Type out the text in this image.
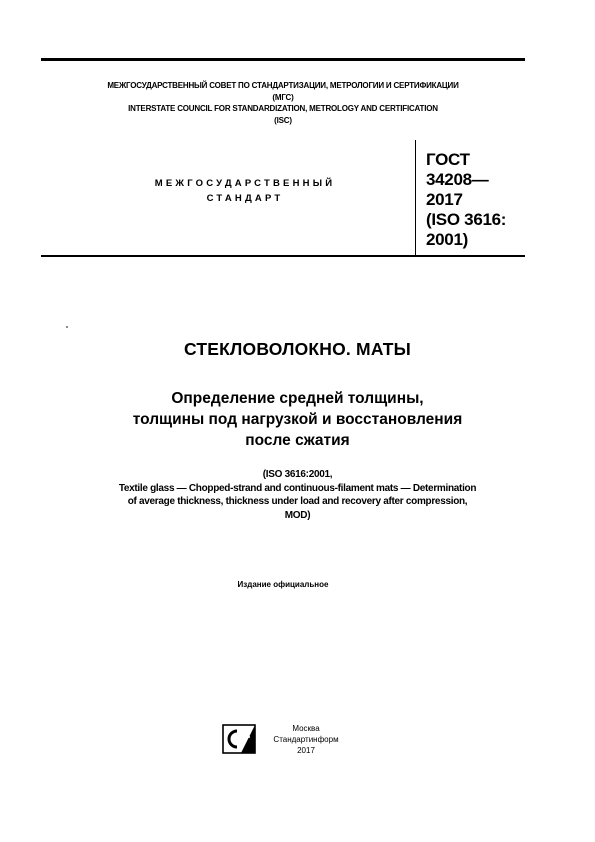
МЕЖГОСУДАРСТВЕННЫЙ СОВЕТ ПО СТАНДАРТИЗАЦИИ, МЕТРОЛОГИИ И СЕРТИФИКАЦИИ
(МГС)
INTERSTATE COUNCIL FOR STANDARDIZATION, METROLOGY AND CERTIFICATION
(ISC)
МЕЖГОСУДАРСТВЕННЫЙ
СТАНДАРТ
ГОСТ
34208—
2017
(ISO 3616:
2001)
СТЕКЛОВОЛОКНО. МАТЫ
Определение средней толщины,
толщины под нагрузкой и восстановления
после сжатия
(ISO 3616:2001,
Textile glass — Chopped-strand and continuous-filament mats — Determination
of average thickness, thickness under load and recovery after compression,
MOD)
Издание официальное
Москва
Стандартинформ
2017
